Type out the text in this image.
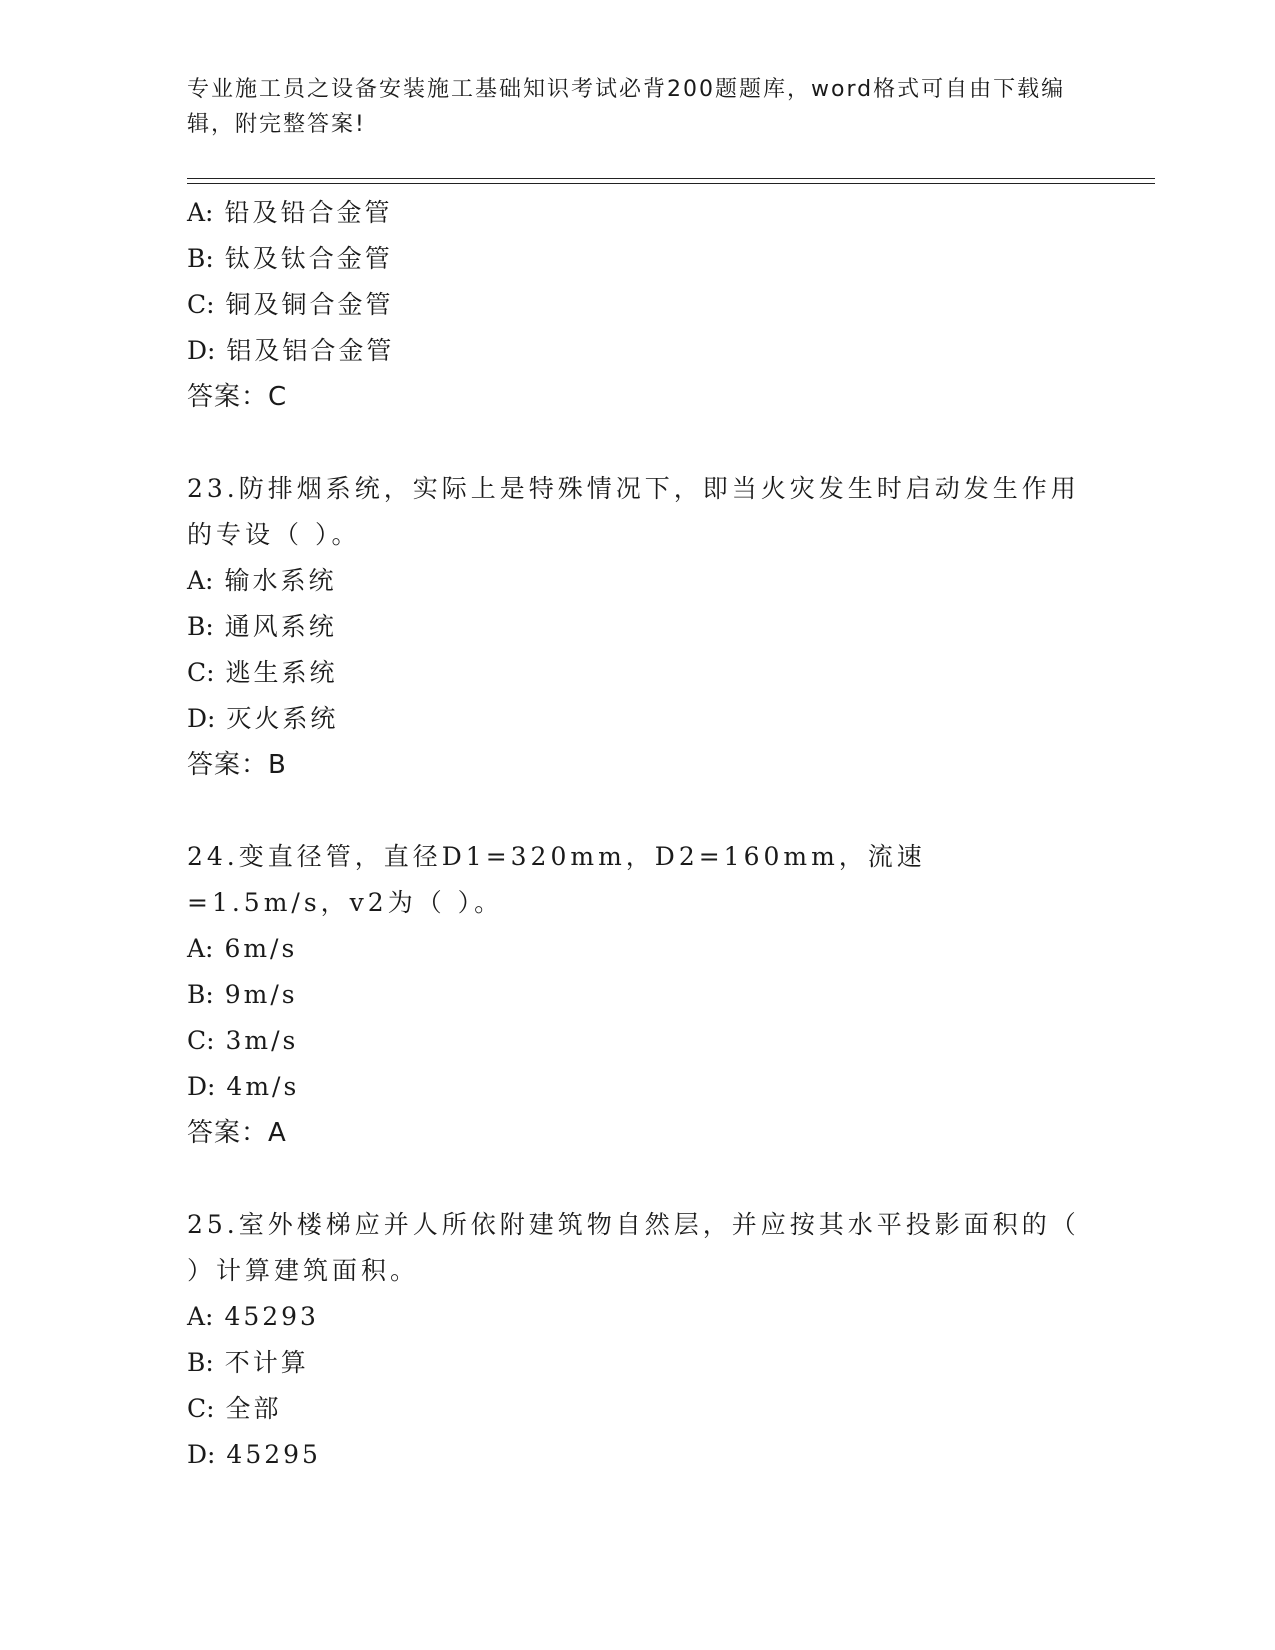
专业施工员之设备安装施工基础知识考试必背200题题库，word格式可自由下载编辑，附完整答案!
A: 铅及铅合金管
B: 钛及钛合金管
C: 铜及铜合金管
D: 铝及铝合金管
答案：C
23.防排烟系统，实际上是特殊情况下，即当火灾发生时启动发生作用的专设（ ）。
A: 输水系统
B: 通风系统
C: 逃生系统
D: 灭火系统
答案：B
24.变直径管，直径D1=320mm，D2=160mm，流速=1.5m/s，v2为（ ）。
A: 6m/s
B: 9m/s
C: 3m/s
D: 4m/s
答案：A
25.室外楼梯应并人所依附建筑物自然层，并应按其水平投影面积的（ ）计算建筑面积。
A: 45293
B: 不计算
C: 全部
D: 45295
